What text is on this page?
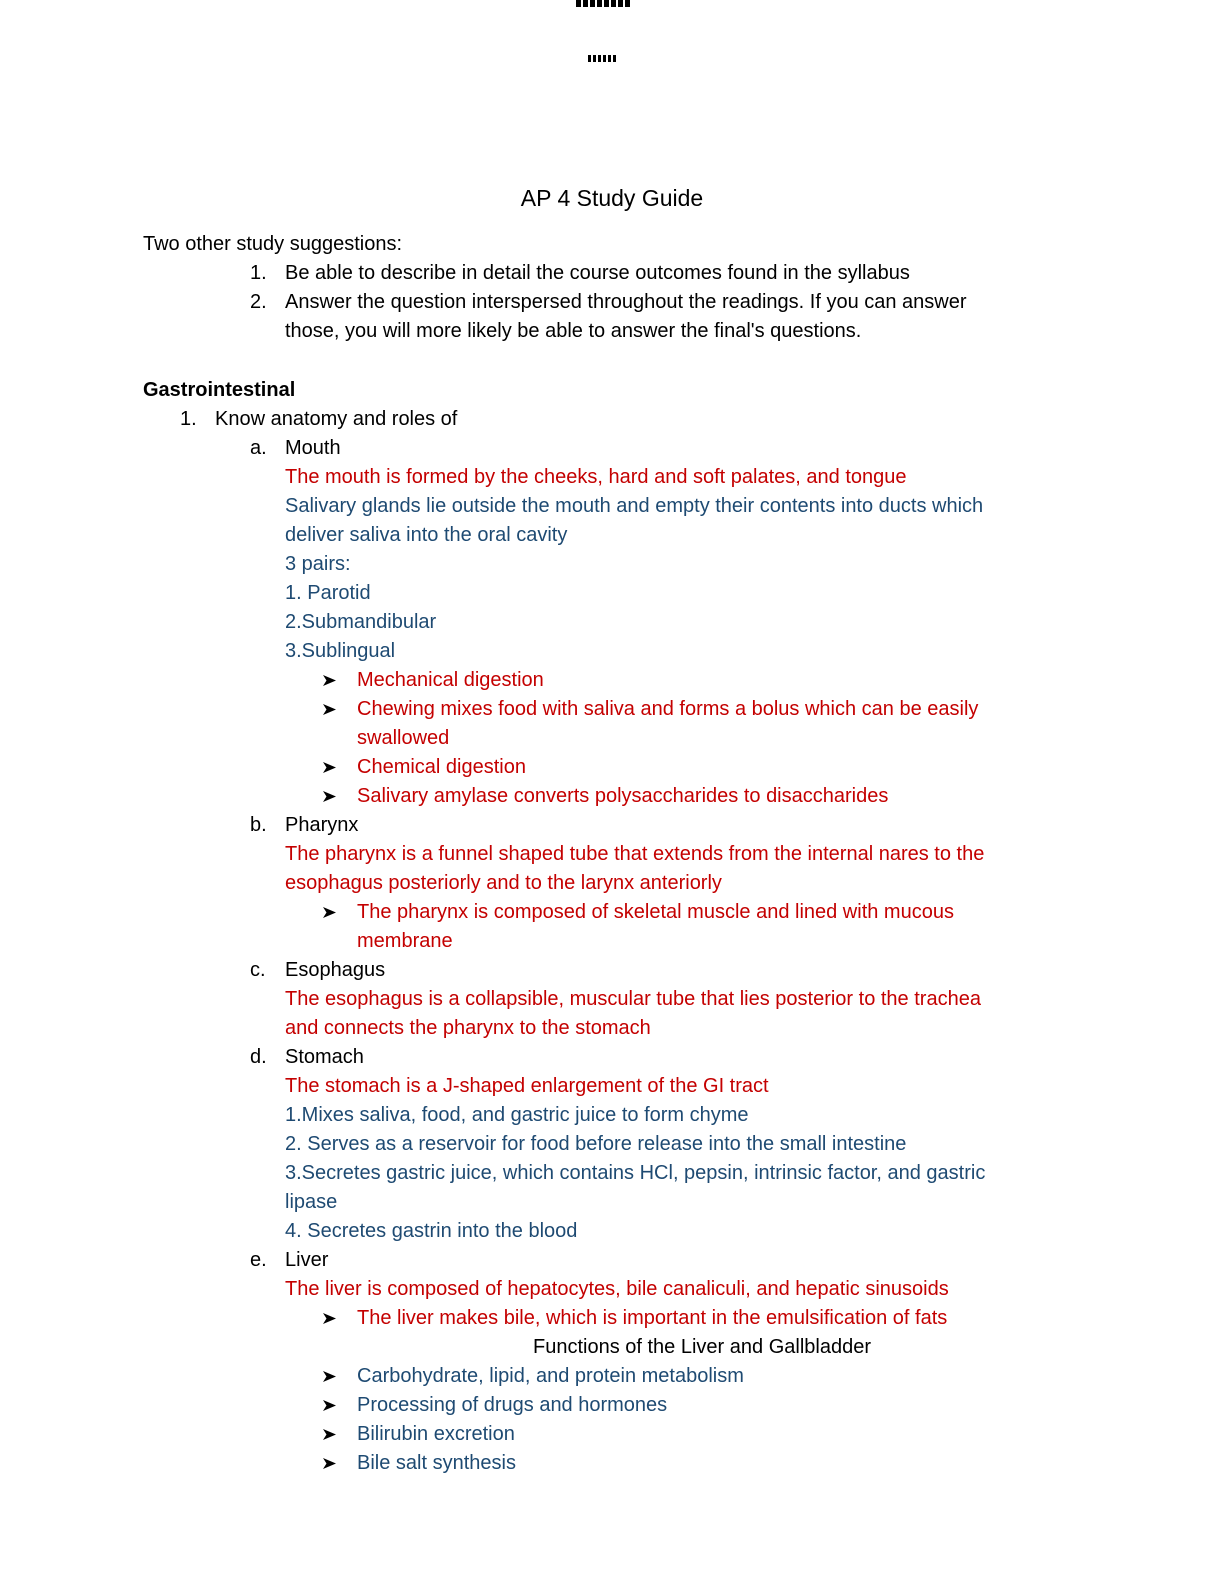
AP 4 Study Guide
Two other study suggestions:
1. Be able to describe in detail the course outcomes found in the syllabus
2. Answer the question interspersed throughout the readings. If you can answer
those, you will more likely be able to answer the final's questions.
Gastrointestinal
1. Know anatomy and roles of
a. Mouth
The mouth is formed by the cheeks, hard and soft palates, and tongue
Salivary glands lie outside the mouth and empty their contents into ducts which
deliver saliva into the oral cavity
3 pairs:
1. Parotid
2.Submandibular
3.Sublingual
Mechanical digestion
Chewing mixes food with saliva and forms a bolus which can be easily
swallowed
Chemical digestion
Salivary amylase converts polysaccharides to disaccharides
b. Pharynx
The pharynx is a funnel shaped tube that extends from the internal nares to the
esophagus posteriorly and to the larynx anteriorly
The pharynx is composed of skeletal muscle and lined with mucous
membrane
c. Esophagus
The esophagus is a collapsible, muscular tube that lies posterior to the trachea
and connects the pharynx to the stomach
d. Stomach
The stomach is a J-shaped enlargement of the GI tract
1.Mixes saliva, food, and gastric juice to form chyme
2. Serves as a reservoir for food before release into the small intestine
3.Secretes gastric juice, which contains HCl, pepsin, intrinsic factor, and gastric
lipase
4. Secretes gastrin into the blood
e. Liver
The liver is composed of hepatocytes, bile canaliculi, and hepatic sinusoids
The liver makes bile, which is important in the emulsification of fats
Functions of the Liver and Gallbladder
Carbohydrate, lipid, and protein metabolism
Processing of drugs and hormones
Bilirubin excretion
Bile salt synthesis
